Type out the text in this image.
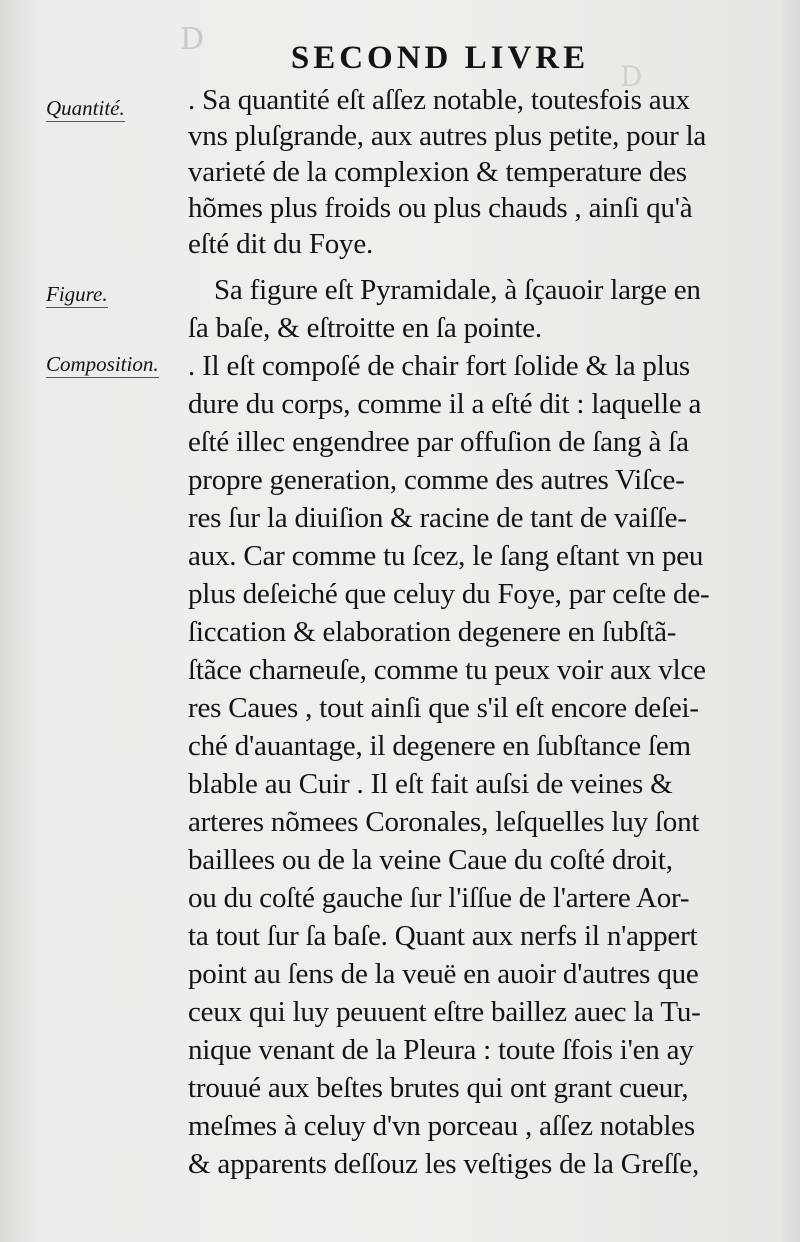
D
D
SECOND LIVRE
Quantité.
Figure.
Composition.
. Sa quantité eſt aſſez notable, toutesfois aux
vns pluſgrande, aux autres plus petite, pour la
varieté de la complexion & temperature des
hõmes plus froids ou plus chauds , ainſi qu'à
eſté dit du Foye.
Sa figure eſt Pyramidale, à ſçauoir large en
ſa baſe, & eſtroitte en ſa pointe.
. Il eſt compoſé de chair fort ſolide & la plus
dure du corps, comme il a eſté dit : laquelle a
eſté illec engendree par offuſion de ſang à ſa
propre generation, comme des autres Viſce-
res ſur la diuiſion & racine de tant de vaiſſe-
aux. Car comme tu ſcez, le ſang eſtant vn peu
plus deſeiché que celuy du Foye, par ceſte de-
ſiccation & elaboration degenere en ſubſtã-
ſtãce charneuſe, comme tu peux voir aux vlce
res Caues , tout ainſi que s'il eſt encore deſei-
ché d'auantage, il degenere en ſubſtance ſem
blable au Cuir . Il eſt fait auſsi de veines &
arteres nõmees Coronales, leſquelles luy ſont
baillees ou de la veine Caue du coſté droit,
ou du coſté gauche ſur l'iſſue de l'artere Aor-
ta tout ſur ſa baſe. Quant aux nerfs il n'appert
point au ſens de la veuë en auoir d'autres que
ceux qui luy peuuent eſtre baillez auec la Tu-
nique venant de la Pleura : toute ſfois i'en ay
trouué aux beſtes brutes qui ont grant cueur,
meſmes à celuy d'vn porceau , aſſez notables
& apparents deſſouz les veſtiges de la Greſſe,
